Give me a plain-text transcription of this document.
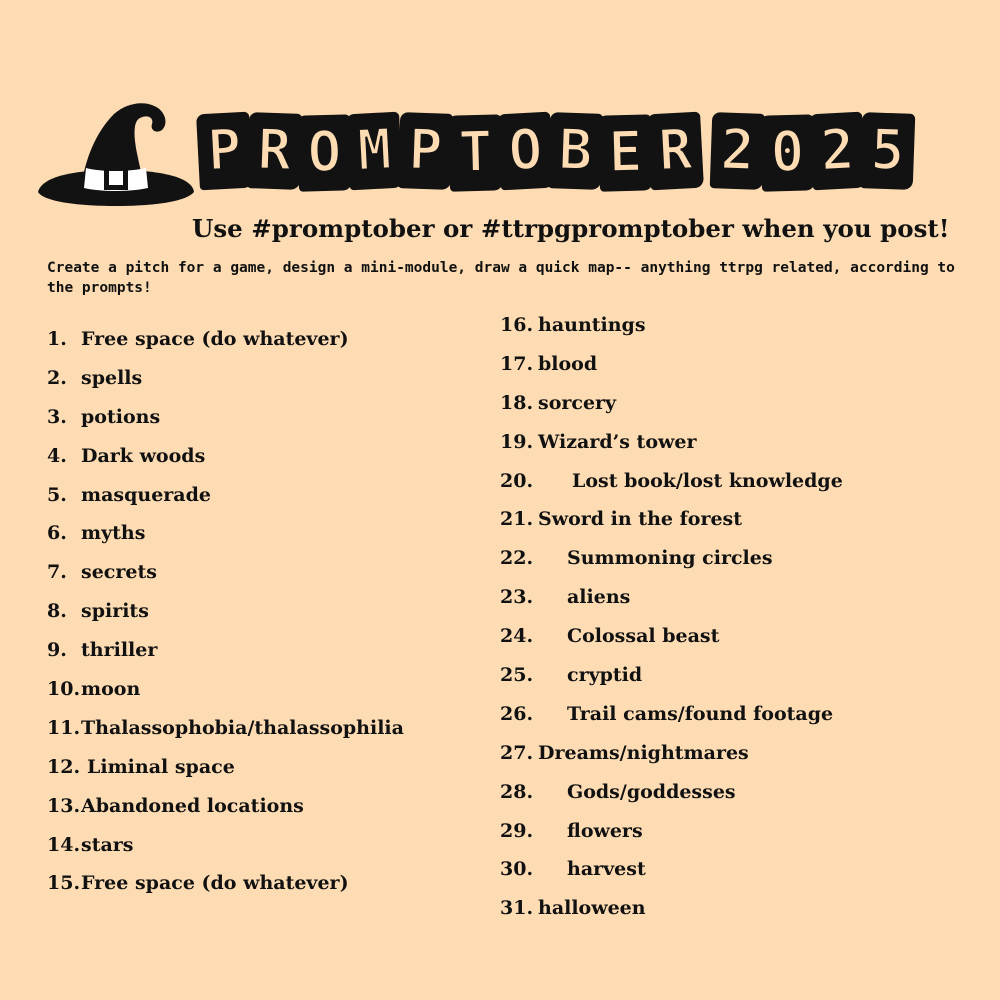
P R O M P T O B E R 2 0 2 5
Use #promptober or #ttrpgpromptober when you post!
Create a pitch for a game, design a mini-module, draw a quick map-- anything ttrpg related, according to the prompts!
1. Free space (do whatever)
2. spells
3. potions
4. Dark woods
5. masquerade
6. myths
7. secrets
8. spirits
9. thriller
10. moon
11. Thalassophobia/thalassophilia
12. Liminal space
13. Abandoned locations
14. stars
15. Free space (do whatever)
16. hauntings
17. blood
18. sorcery
19. Wizard’s tower
20. Lost book/lost knowledge
21. Sword in the forest
22. Summoning circles
23. aliens
24. Colossal beast
25. cryptid
26. Trail cams/found footage
27. Dreams/nightmares
28. Gods/goddesses
29. flowers
30. harvest
31. halloween
